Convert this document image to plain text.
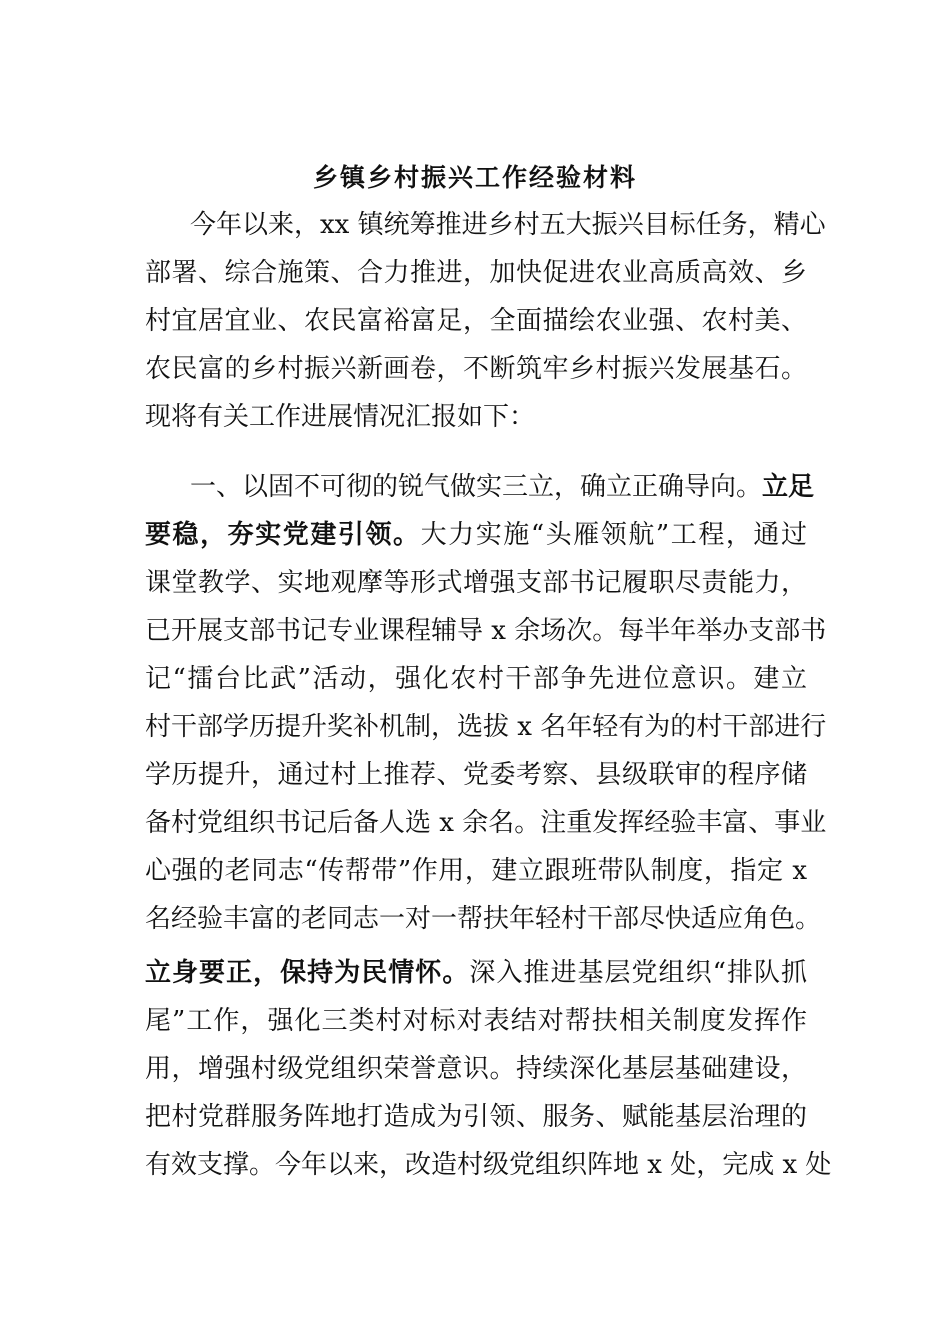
乡镇乡村振兴工作经验材料
今年以来，xx 镇统筹推进乡村五大振兴目标任务，精心
部署、综合施策、合力推进，加快促进农业高质高效、乡
村宜居宜业、农民富裕富足，全面描绘农业强、农村美、
农民富的乡村振兴新画卷，不断筑牢乡村振兴发展基石。
现将有关工作进展情况汇报如下：
一、以固不可彻的锐气做实三立，确立正确导向。立足
要稳，夯实党建引领。大力实施“头雁领航”工程，通过
课堂教学、实地观摩等形式增强支部书记履职尽责能力，
已开展支部书记专业课程辅导 x 余场次。每半年举办支部书
记“擂台比武”活动，强化农村干部争先进位意识。建立
村干部学历提升奖补机制，选拔 x 名年轻有为的村干部进行
学历提升，通过村上推荐、党委考察、县级联审的程序储
备村党组织书记后备人选 x 余名。注重发挥经验丰富、事业
心强的老同志“传帮带”作用，建立跟班带队制度，指定 x
名经验丰富的老同志一对一帮扶年轻村干部尽快适应角色。
立身要正，保持为民情怀。深入推进基层党组织“排队抓
尾”工作，强化三类村对标对表结对帮扶相关制度发挥作
用，增强村级党组织荣誉意识。持续深化基层基础建设，
把村党群服务阵地打造成为引领、服务、赋能基层治理的
有效支撑。今年以来，改造村级党组织阵地 x 处，完成 x 处
